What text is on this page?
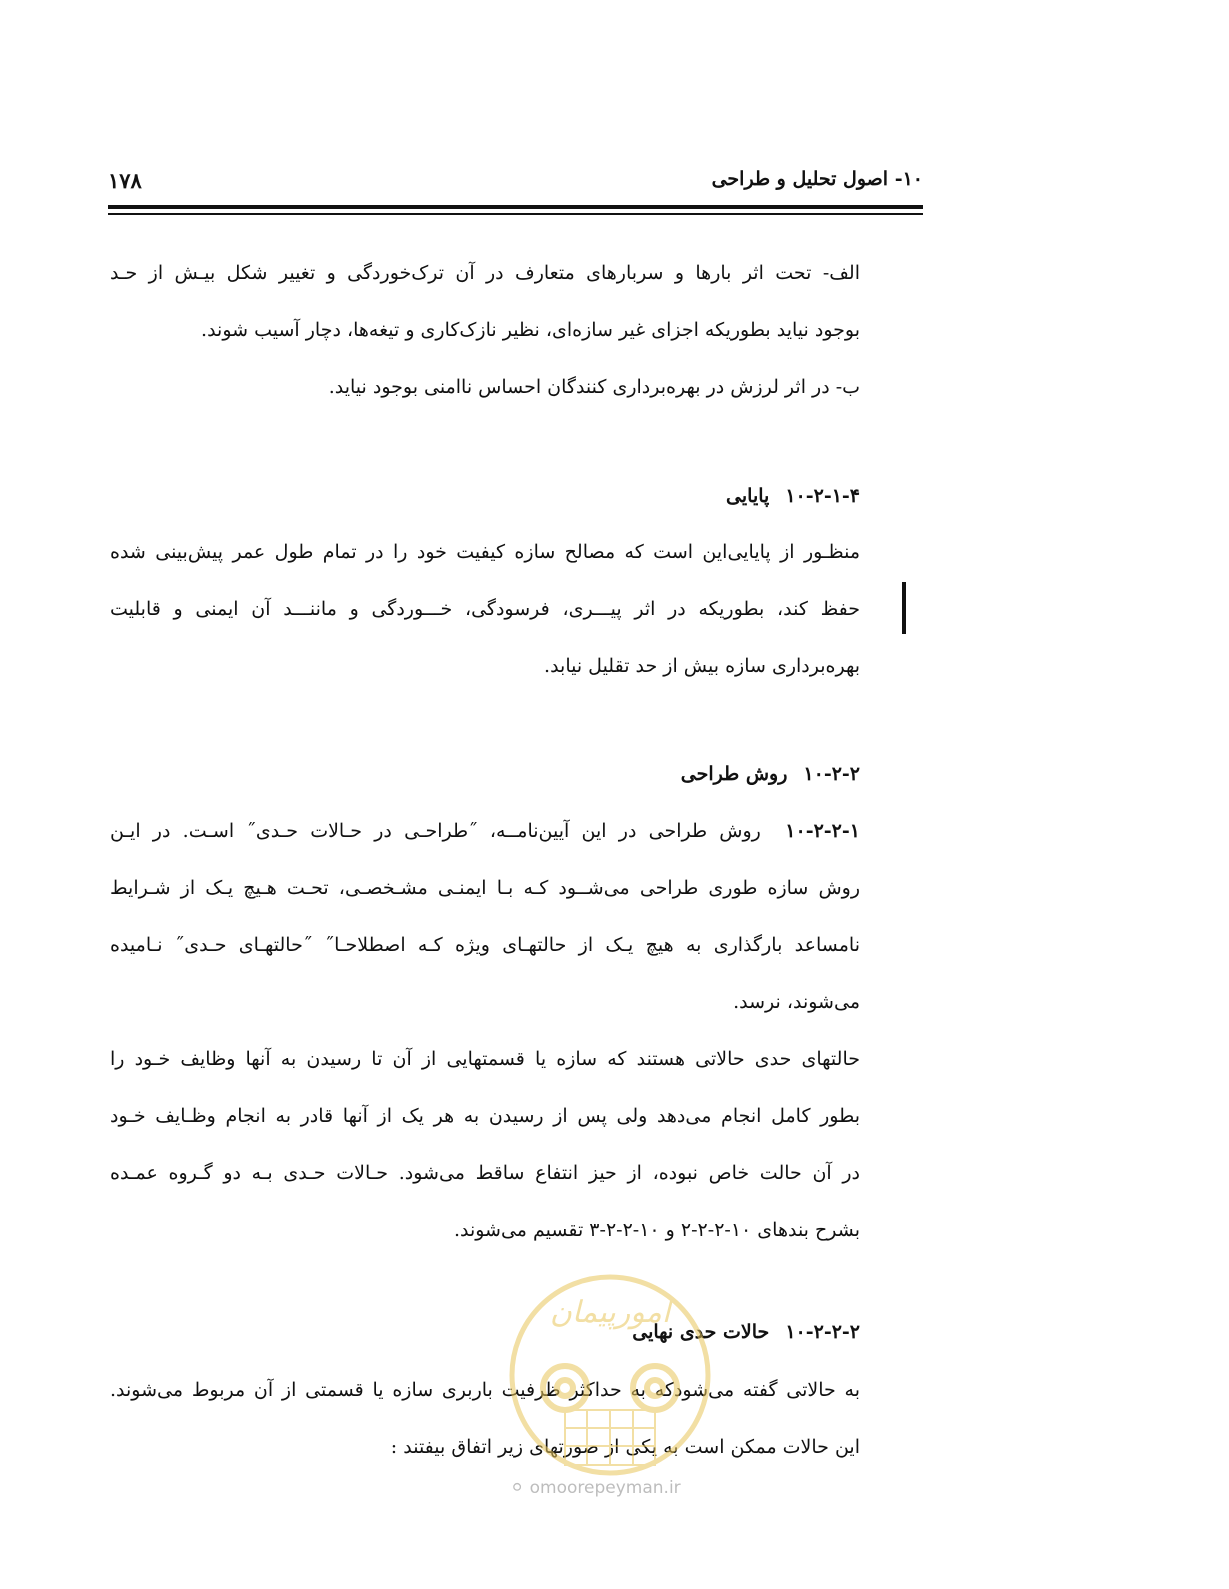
۱۰- اصول تحلیل و طراحی
۱۷۸
الف- تحت اثر بارها و سربارهای متعارف در آن ترک‌خوردگی و تغییر شکل بیـش از حـد
بوجود نیاید بطوریکه اجزای غیر سازه‌ای، نظیر نازک‌کاری و تیغه‌ها، دچار آسیب شوند.
ب- در اثر لرزش در بهره‌برداری کنندگان احساس ناامنی بوجود نیاید.
۱۰-۲-۱-۴پایایی
منظـور از پایایی‌این است که مصالح سازه کیفیت خود را در تمام طول عمر پیش‌بینی شده
حفظ کند، بطوریکه در اثر پیـــری، فرسودگی، خـــوردگی و ماننـــد آن ایمنی و قابلیت
بهره‌برداری سازه بیش از حد تقلیل نیابد.
۱۰-۲-۲روش طراحی
۱۰-۲-۲-۱  روش طراحی در این آیین‌نامــه، ˝طراحـی در حـالات حـدی˝ اسـت. در ایـن
روش سازه طوری طراحی می‌شــود کـه بـا ایمنـی مشـخصـی، تحـت هـیچ یـک از شـرایط
نامساعد بارگذاری به هیچ یـک از حالتهـای ویژه کـه اصطلاحـا˝ ˝حالتهـای حـدی˝ نـامیده
می‌شوند، نرسد.
حالتهای حدی حالاتی هستند که سازه یا قسمتهایی از آن تا رسیدن به آنها وظایف خـود را
بطور کامل انجام می‌دهد ولی پس از رسیدن به هر یک از آنها قادر به انجام وظـایف خـود
در آن حالت خاص نبوده، از حیز انتفاع ساقط می‌شود. حـالات حـدی بـه دو گـروه عمـده
بشرح بندهای ۱۰-۲-۲-۲ و ۱۰-۲-۲-۳ تقسیم می‌شوند.
۱۰-۲-۲-۲حالات حدی نهایی
به حالاتی گفته می‌شودکه به حداکثر ظرفیت باربری سازه یا قسمتی از آن مربوط می‌شوند.
این حالات ممکن است به یکی از صورتهای زیر اتفاق بیفتند :
امورپیمان
⚪ omoorepeyman.ir
